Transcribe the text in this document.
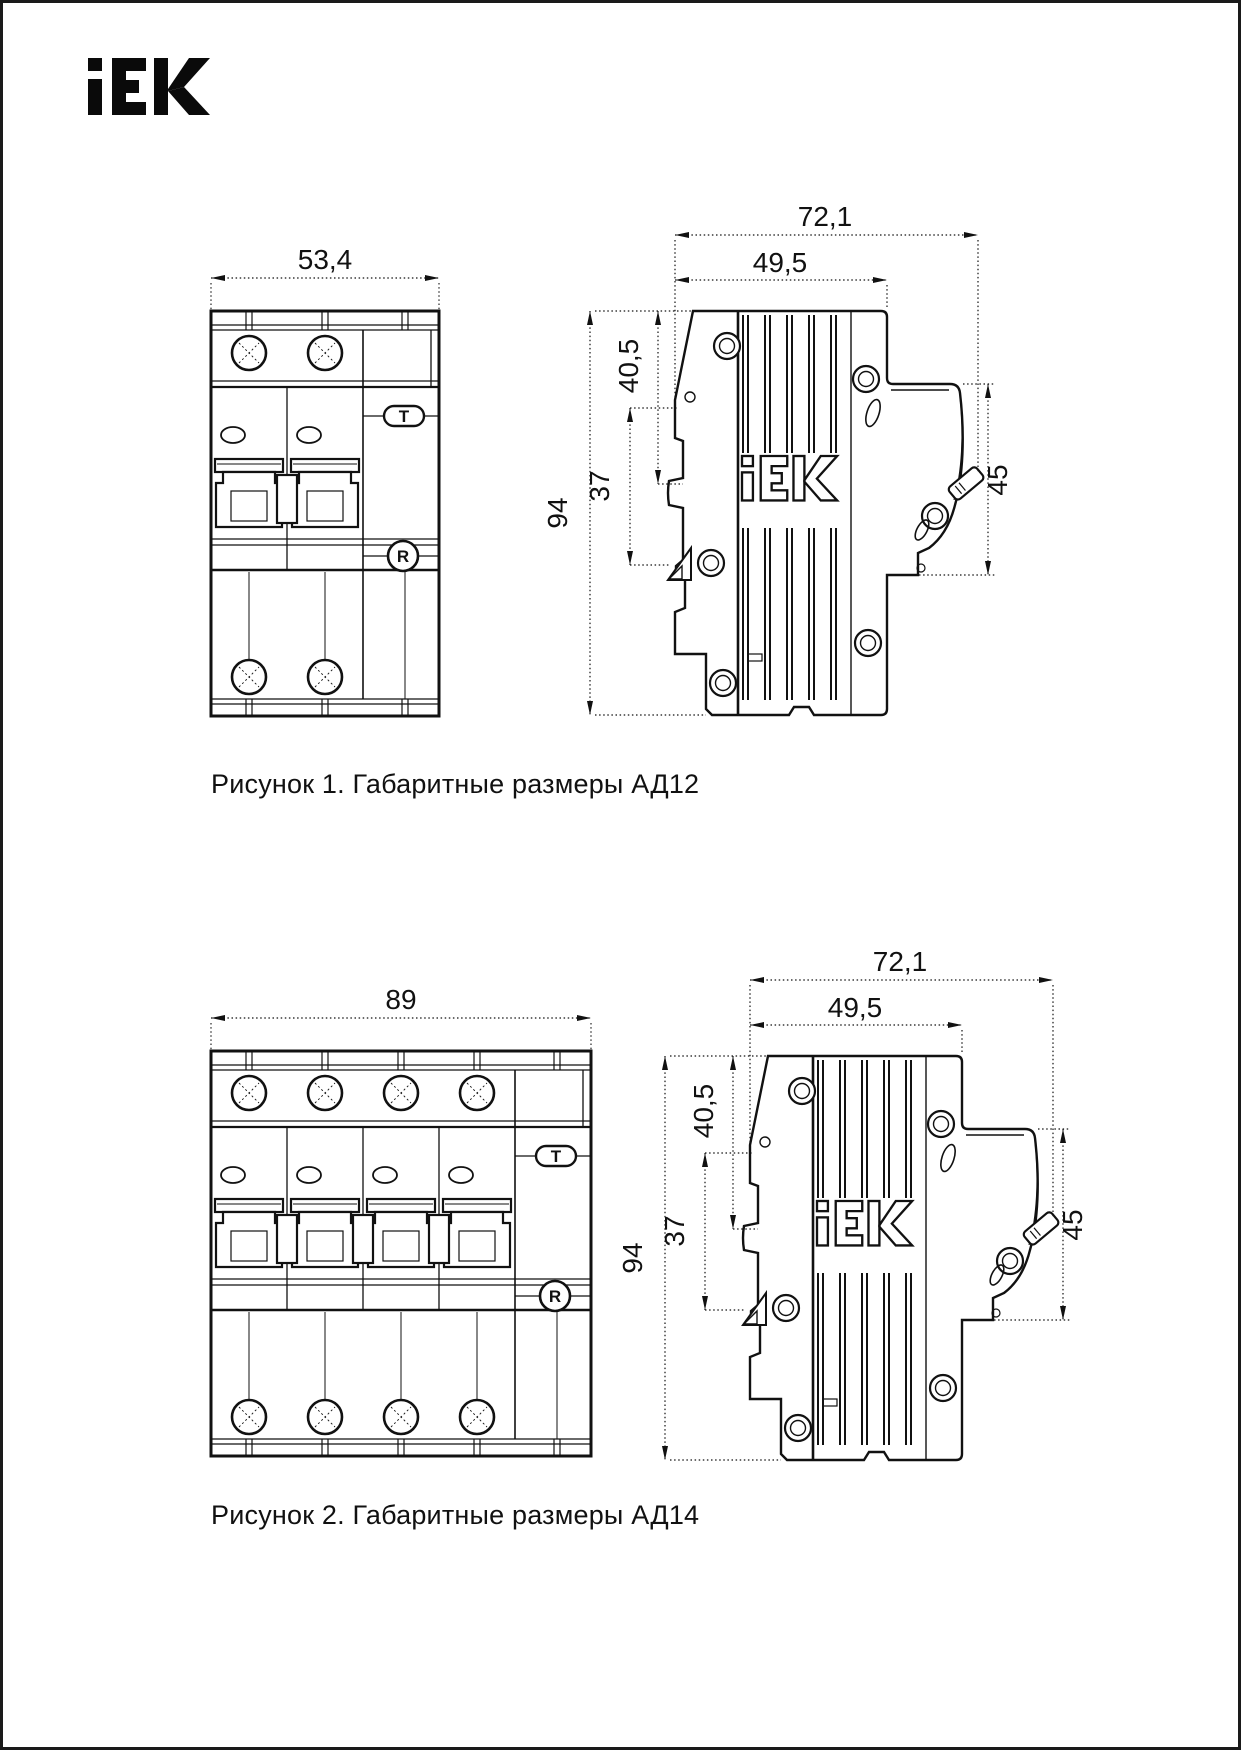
53,4
T
R
72,1
49,5
94
40,5
37	45
Рисунок 1. Габаритные размеры АД12
89
T
R
72,1
49,5
94
40,5
37	45
Рисунок 2. Габаритные размеры АД14
